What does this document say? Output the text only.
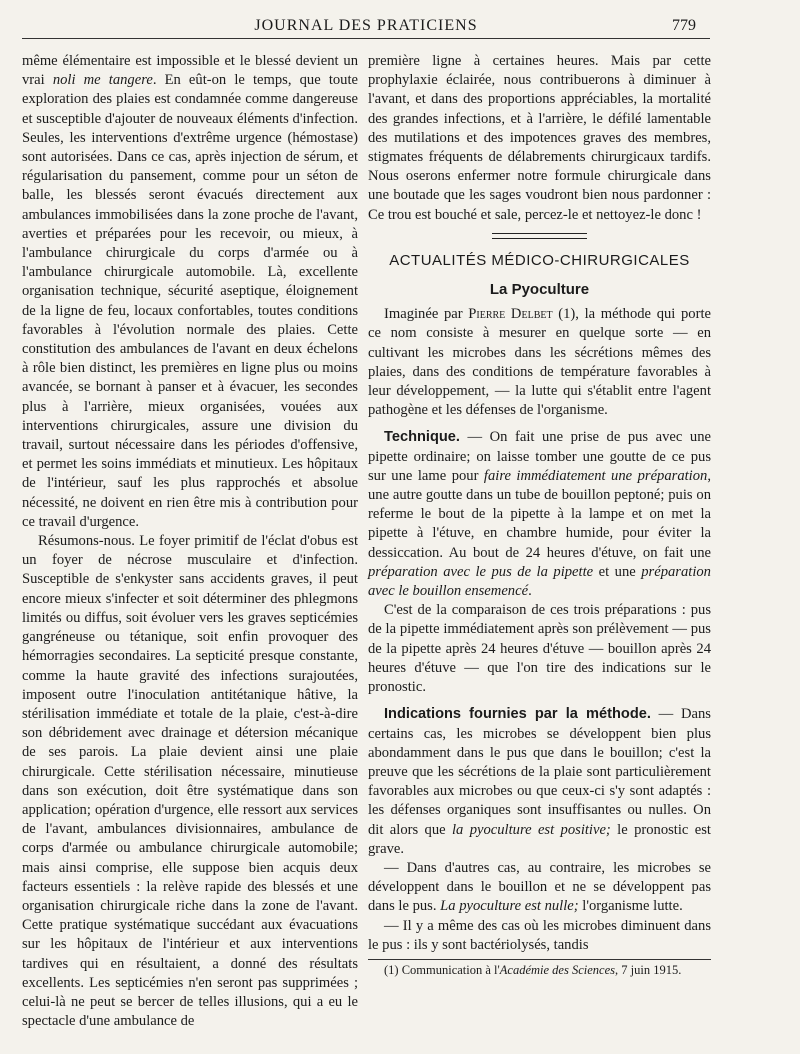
JOURNAL DES PRATICIENS	779

même élémentaire est impossible et le blessé devient un vrai noli me tangere. En eût-on le temps, que toute exploration des plaies est condamnée comme dangereuse et susceptible d'ajouter de nouveaux éléments d'infection. Seules, les interventions d'extrême urgence (hémostase) sont autorisées. Dans ce cas, après injection de sérum, et régularisation du pansement, comme pour un séton de balle, les blessés seront évacués directement aux ambulances immobilisées dans la zone proche de l'avant, averties et préparées pour les recevoir, ou mieux, à l'ambulance chirurgicale du corps d'armée ou à l'ambulance chirurgicale automobile. Là, excellente organisation technique, sécurité aseptique, éloignement de la ligne de feu, locaux confortables, toutes conditions favorables à l'évolution normale des plaies. Cette constitution des ambulances de l'avant en deux échelons à rôle bien distinct, les premières en ligne plus ou moins avancée, se bornant à panser et à évacuer, les secondes plus à l'arrière, mieux organisées, vouées aux interventions chirurgicales, assure une division du travail, surtout nécessaire dans les périodes d'offensive, et permet les soins immédiats et minutieux. Les hôpitaux de l'intérieur, sauf les plus rapprochés et absolue nécessité, ne doivent en rien être mis à contribution pour ce travail d'urgence.

Résumons-nous. Le foyer primitif de l'éclat d'obus est un foyer de nécrose musculaire et d'infection. Susceptible de s'enkyster sans accidents graves, il peut encore mieux s'infecter et soit déterminer des phlegmons limités ou diffus, soit évoluer vers les graves septicémies gangréneuse ou tétanique, soit enfin provoquer des hémorragies secondaires. La septicité presque constante, comme la haute gravité des infections surajoutées, imposent outre l'inoculation antitétanique hâtive, la stérilisation immédiate et totale de la plaie, c'est-à-dire son débridement avec drainage et détersion mécanique de ses parois. La plaie devient ainsi une plaie chirurgicale. Cette stérilisation nécessaire, minutieuse dans son exécution, doit être systématique dans son application; opération d'urgence, elle ressort aux services de l'avant, ambulances divisionnaires, ambulance de corps d'armée ou ambulance chirurgicale automobile; mais ainsi comprise, elle suppose bien acquis deux facteurs essentiels : la relève rapide des blessés et une organisation chirurgicale riche dans la zone de l'avant. Cette pratique systématique succédant aux évacuations sur les hôpitaux de l'intérieur et aux interventions tardives qui en résultaient, a donné des résultats excellents. Les septicémies n'en seront pas supprimées ; celui-là ne peut se bercer de telles illusions, qui a eu le spectacle d'une ambulance de

première ligne à certaines heures. Mais par cette prophylaxie éclairée, nous contribuerons à diminuer à l'avant, et dans des proportions appréciables, la mortalité des grandes infections, et à l'arrière, le défilé lamentable des mutilations et des impotences graves des membres, stigmates fréquents de délabrements chirurgicaux tardifs. Nous oserons enfermer notre formule chirurgicale dans une boutade que les sages voudront bien nous pardonner : Ce trou est bouché et sale, percez-le et nettoyez-le donc !

ACTUALITÉS MÉDICO-CHIRURGICALES
La Pyoculture

Imaginée par Pierre Delbet (1), la méthode qui porte ce nom consiste à mesurer en quelque sorte — en cultivant les microbes dans les sécrétions mêmes des plaies, dans des conditions de température favorables à leur développement, — la lutte qui s'établit entre l'agent pathogène et les défenses de l'organisme.

Technique. — On fait une prise de pus avec une pipette ordinaire; on laisse tomber une goutte de ce pus sur une lame pour faire immédiatement une préparation, une autre goutte dans un tube de bouillon peptoné; puis on referme le bout de la pipette à la lampe et on met la pipette à l'étuve, en chambre humide, pour éviter la dessiccation. Au bout de 24 heures d'étuve, on fait une préparation avec le pus de la pipette et une préparation avec le bouillon ensemencé.

C'est de la comparaison de ces trois préparations : pus de la pipette immédiatement après son prélèvement — pus de la pipette après 24 heures d'étuve — bouillon après 24 heures d'étuve — que l'on tire des indications sur le pronostic.

Indications fournies par la méthode. — Dans certains cas, les microbes se développent bien plus abondamment dans le pus que dans le bouillon; c'est la preuve que les sécrétions de la plaie sont particulièrement favorables aux microbes ou que ceux-ci s'y sont adaptés : les défenses organiques sont insuffisantes ou nulles. On dit alors que la pyoculture est positive; le pronostic est grave.

— Dans d'autres cas, au contraire, les microbes se développent dans le bouillon et ne se développent pas dans le pus. La pyoculture est nulle; l'organisme lutte.

— Il y a même des cas où les microbes diminuent dans le pus : ils y sont bactériolysés, tandis

(1) Communication à l'Académie des Sciences, 7 juin 1915.
